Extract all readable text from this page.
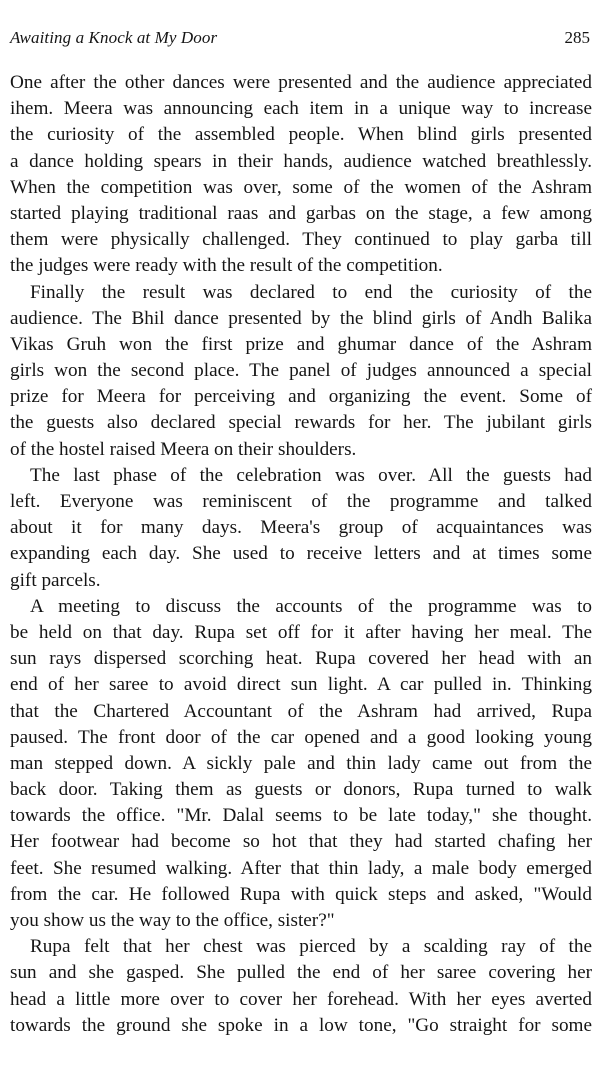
Awaiting a Knock at My Door	285
One after the other dances were presented and the audience appreciated
ihem. Meera was announcing each item in a unique way to increase
the curiosity of the assembled people. When blind girls presented
a dance holding spears in their hands, audience watched breathlessly.
When the competition was over, some of the women of the Ashram
started playing traditional raas and garbas on the stage, a few among
them were physically challenged. They continued to play garba till
the judges were ready with the result of the competition.
Finally the result was declared to end the curiosity of the
audience. The Bhil dance presented by the blind girls of Andh Balika
Vikas Gruh won the first prize and ghumar dance of the Ashram
girls won the second place. The panel of judges announced a special
prize for Meera for perceiving and organizing the event. Some of
the guests also declared special rewards for her. The jubilant girls
of the hostel raised Meera on their shoulders.
The last phase of the celebration was over. All the guests had
left. Everyone was reminiscent of the programme and talked
about it for many days. Meera's group of acquaintances was
expanding each day. She used to receive letters and at times some
gift parcels.
A meeting to discuss the accounts of the programme was to
be held on that day. Rupa set off for it after having her meal. The
sun rays dispersed scorching heat. Rupa covered her head with an
end of her saree to avoid direct sun light. A car pulled in. Thinking
that the Chartered Accountant of the Ashram had arrived, Rupa
paused. The front door of the car opened and a good looking young
man stepped down. A sickly pale and thin lady came out from the
back door. Taking them as guests or donors, Rupa turned to walk
towards the office. "Mr. Dalal seems to be late today," she thought.
Her footwear had become so hot that they had started chafing her
feet. She resumed walking. After that thin lady, a male body emerged
from the car. He followed Rupa with quick steps and asked, "Would
you show us the way to the office, sister?"
Rupa felt that her chest was pierced by a scalding ray of the
sun and she gasped. She pulled the end of her saree covering her
head a little more over to cover her forehead. With her eyes averted
towards the ground she spoke in a low tone, "Go straight for some
